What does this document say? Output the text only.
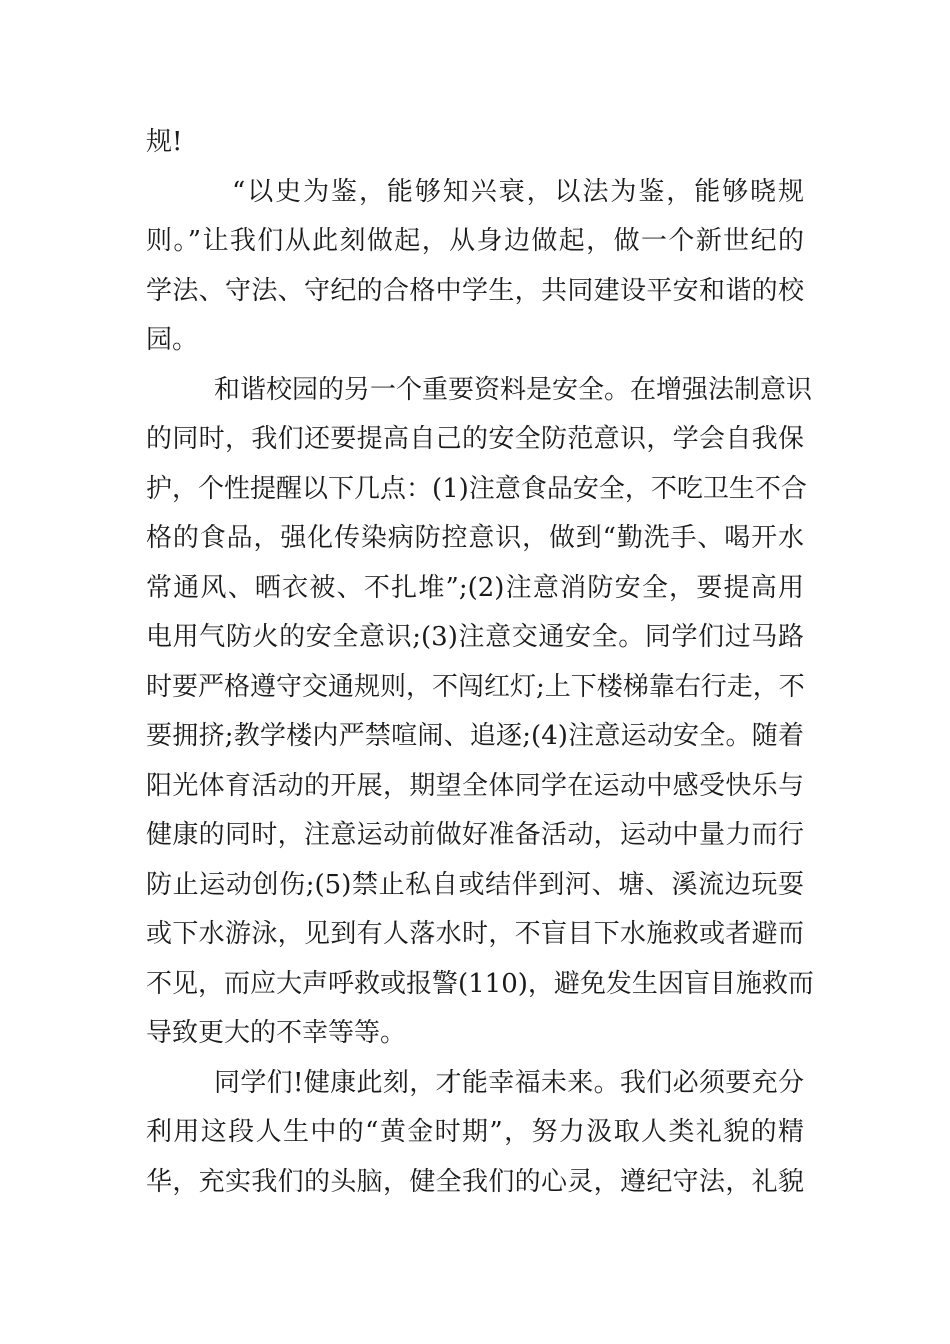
规!
“以史为鉴，能够知兴衰，以法为鉴，能够晓规
则。”让我们从此刻做起，从身边做起，做一个新世纪的
学法、守法、守纪的合格中学生，共同建设平安和谐的校
园。
和谐校园的另一个重要资料是安全。在增强法制意识
的同时，我们还要提高自己的安全防范意识，学会自我保
护，个性提醒以下几点：(1)注意食品安全，不吃卫生不合
格的食品，强化传染病防控意识，做到“勤洗手、喝开水
常通风、晒衣被、不扎堆”;(2)注意消防安全，要提高用
电用气防火的安全意识;(3)注意交通安全。同学们过马路
时要严格遵守交通规则，不闯红灯;上下楼梯靠右行走，不
要拥挤;教学楼内严禁喧闹、追逐;(4)注意运动安全。随着
阳光体育活动的开展，期望全体同学在运动中感受快乐与
健康的同时，注意运动前做好准备活动，运动中量力而行
防止运动创伤;(5)禁止私自或结伴到河、塘、溪流边玩耍
或下水游泳，见到有人落水时，不盲目下水施救或者避而
不见，而应大声呼救或报警(110)，避免发生因盲目施救而
导致更大的不幸等等。
同学们!健康此刻，才能幸福未来。我们必须要充分
利用这段人生中的“黄金时期”，努力汲取人类礼貌的精
华，充实我们的头脑，健全我们的心灵，遵纪守法，礼貌
